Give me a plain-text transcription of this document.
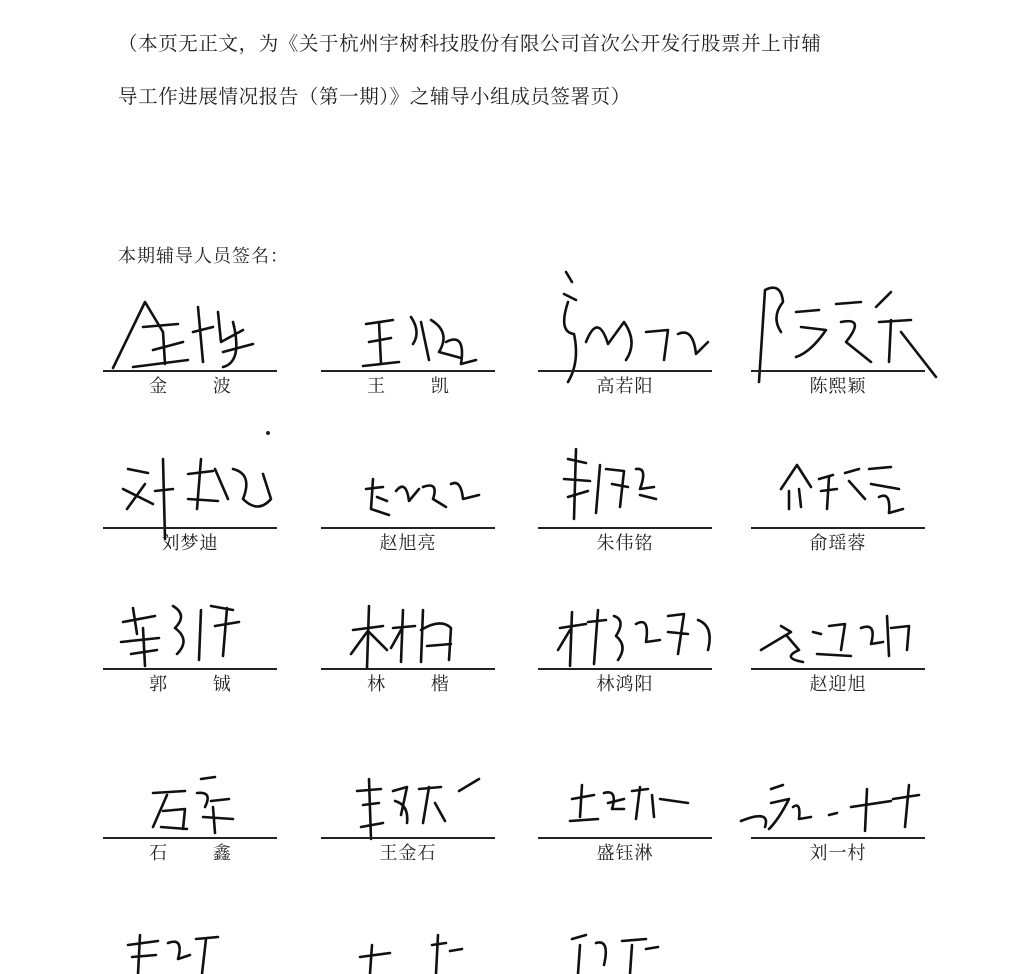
（本页无正文，为《关于杭州宇树科技股份有限公司首次公开发行股票并上市辅
导工作进展情况报告（第一期）》之辅导小组成员签署页）
本期辅导人员签名：
金 波	王 凯	高若阳	陈熙颖
刘梦迪	赵旭亮	朱伟铭	俞瑶蓉
郭 铖	林 楷	林鸿阳	赵迎旭
石 鑫	王金石	盛钰淋	刘一村
